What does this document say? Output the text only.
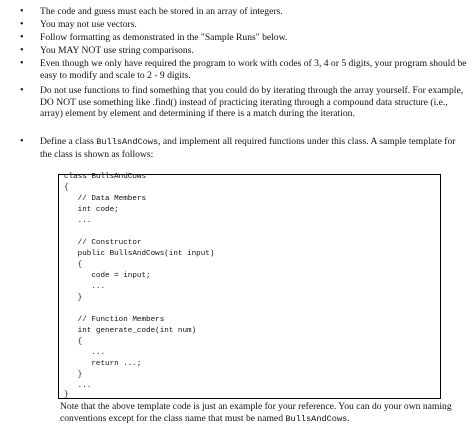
• The code and guess must each be stored in an array of integers.
• You may not use vectors.
• Follow formatting as demonstrated in the "Sample Runs" below.
• You MAY NOT use string comparisons.
• Even though we only have required the program to work with codes of 3, 4 or 5 digits, your program should be easy to modify and scale to 2 - 9 digits.
• Do not use functions to find something that you could do by iterating through the array yourself. For example, DO NOT use something like .find() instead of practicing iterating through a compound data structure (i.e., array) element by element and determining if there is a match during the iteration.
• Define a class BullsAndCows, and implement all required functions under this class. A sample template for the class is shown as follows:
class BullsAndCows
{
// Data Members
int code;
...
// Constructor
public BullsAndCows(int input)
{
code = input;
...
}
// Function Members
int generate_code(int num)
{
...
return ...;
}
...
}
Note that the above template code is just an example for your reference. You can do your own naming conventions except for the class name that must be named BullsAndCows.
